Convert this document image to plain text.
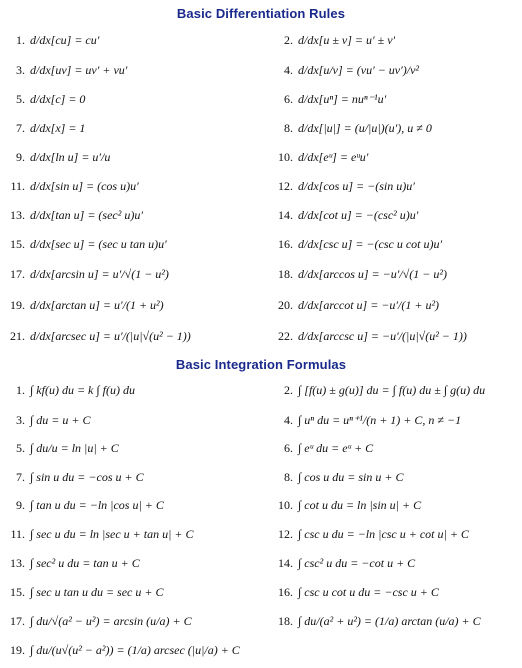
Basic Differentiation Rules
1. d/dx[cu] = cu′
3. d/dx[uv] = uv′ + vu′
5. d/dx[c] = 0
7. d/dx[x] = 1
9. d/dx[ln u] = u′/u
11. d/dx[sin u] = (cos u)u′
13. d/dx[tan u] = (sec² u)u′
15. d/dx[sec u] = (sec u tan u)u′
17. d/dx[arcsin u] = u′/√(1 − u²)
19. d/dx[arctan u] = u′/(1 + u²)
21. d/dx[arcsec u] = u′/(|u|√(u² − 1))
2. d/dx[u ± v] = u′ ± v′
4. d/dx[u/v] = (vu′ − uv′)/v²
6. d/dx[uⁿ] = nuⁿ⁻¹u′
8. d/dx[|u|] = (u/|u|)(u′), u ≠ 0
10. d/dx[eᵘ] = eᵘu′
12. d/dx[cos u] = −(sin u)u′
14. d/dx[cot u] = −(csc² u)u′
16. d/dx[csc u] = −(csc u cot u)u′
18. d/dx[arccos u] = −u′/√(1 − u²)
20. d/dx[arccot u] = −u′/(1 + u²)
22. d/dx[arccsc u] = −u′/(|u|√(u² − 1))
Basic Integration Formulas
1. ∫ kf(u) du = k ∫ f(u) du
3. ∫ du = u + C
5. ∫ du/u = ln |u| + C
7. ∫ sin u du = −cos u + C
9. ∫ tan u du = −ln |cos u| + C
11. ∫ sec u du = ln |sec u + tan u| + C
13. ∫ sec² u du = tan u + C
15. ∫ sec u tan u du = sec u + C
17. ∫ du/√(a² − u²) = arcsin (u/a) + C
19. ∫ du/(u√(u² − a²)) = (1/a) arcsec (|u|/a) + C
2. ∫ [f(u) ± g(u)] du = ∫ f(u) du ± ∫ g(u) du
4. ∫ uⁿ du = uⁿ⁺¹/(n + 1) + C, n ≠ −1
6. ∫ eᵘ du = eᵘ + C
8. ∫ cos u du = sin u + C
10. ∫ cot u du = ln |sin u| + C
12. ∫ csc u du = −ln |csc u + cot u| + C
14. ∫ csc² u du = −cot u + C
16. ∫ csc u cot u du = −csc u + C
18. ∫ du/(a² + u²) = (1/a) arctan (u/a) + C
